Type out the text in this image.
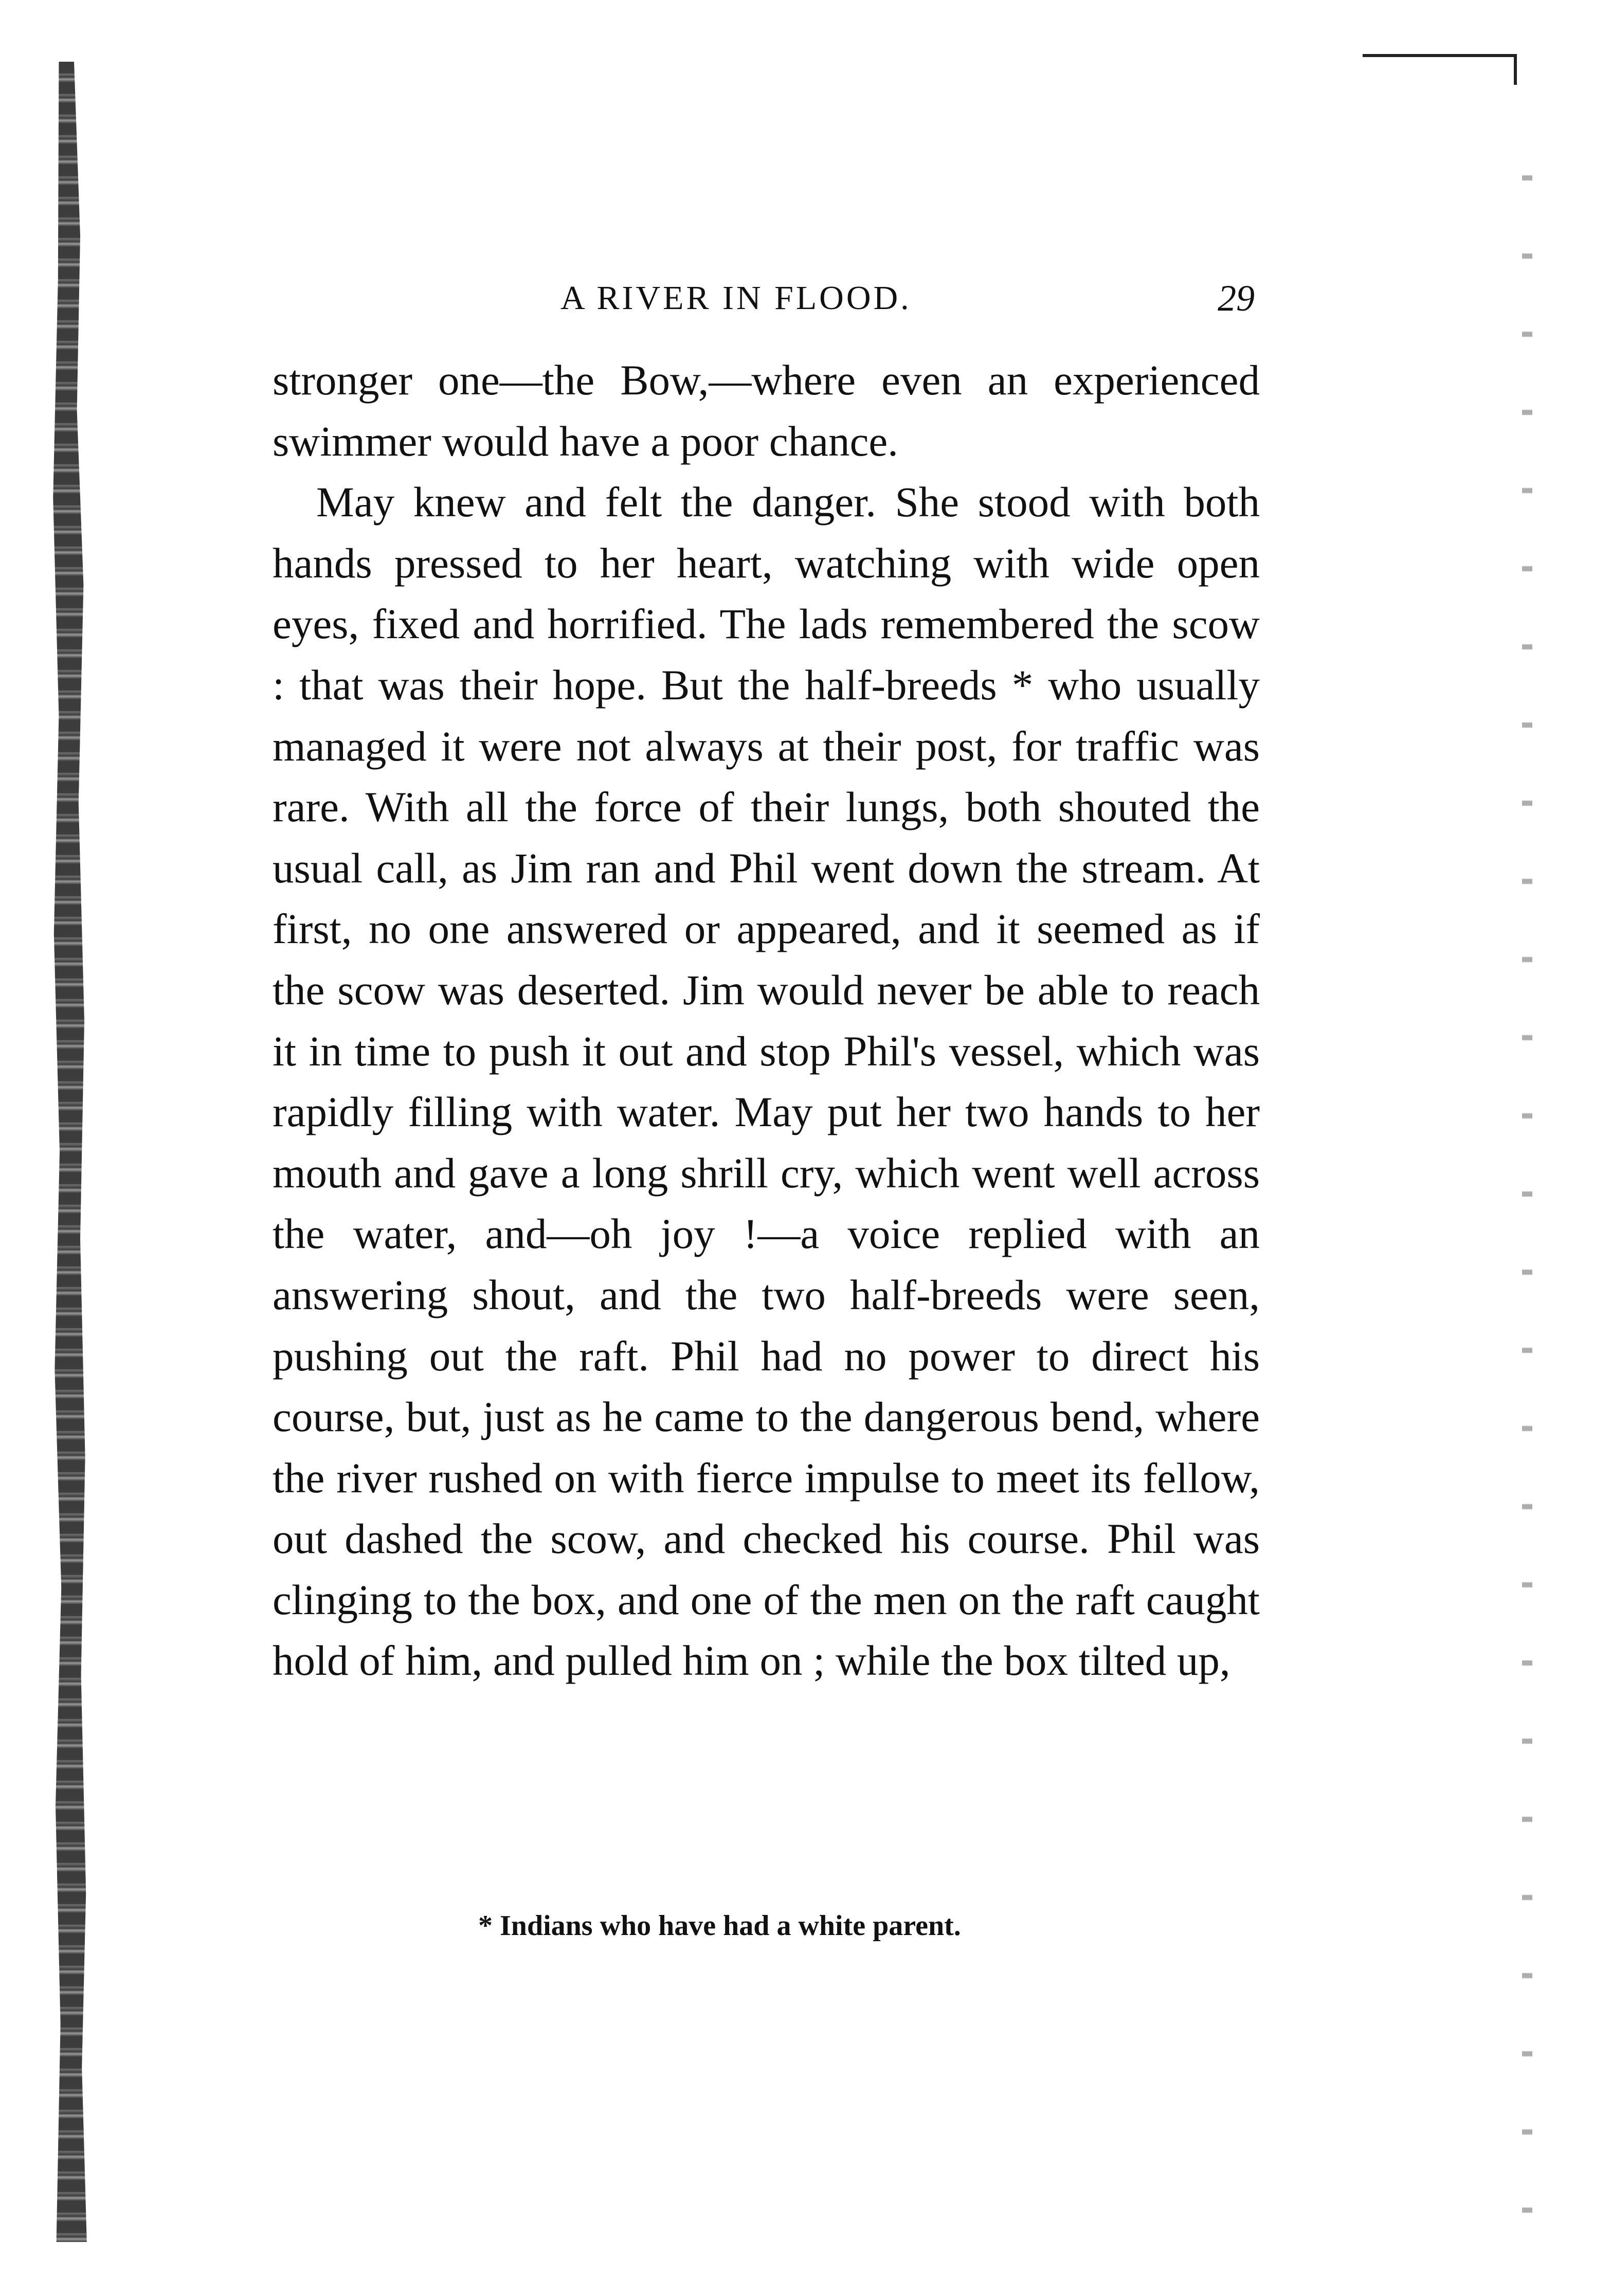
A RIVER IN FLOOD.	29

stronger one—the Bow,—where even an experienced swimmer would have a poor chance.

May knew and felt the danger. She stood with both hands pressed to her heart, watching with wide open eyes, fixed and horrified. The lads remembered the scow : that was their hope. But the half-breeds * who usually managed it were not always at their post, for traffic was rare. With all the force of their lungs, both shouted the usual call, as Jim ran and Phil went down the stream. At first, no one answered or appeared, and it seemed as if the scow was deserted. Jim would never be able to reach it in time to push it out and stop Phil's vessel, which was rapidly filling with water. May put her two hands to her mouth and gave a long shrill cry, which went well across the water, and—oh joy !—a voice replied with an answering shout, and the two half-breeds were seen, pushing out the raft. Phil had no power to direct his course, but, just as he came to the dangerous bend, where the river rushed on with fierce impulse to meet its fellow, out dashed the scow, and checked his course. Phil was clinging to the box, and one of the men on the raft caught hold of him, and pulled him on ; while the box tilted up,

* Indians who have had a white parent.
